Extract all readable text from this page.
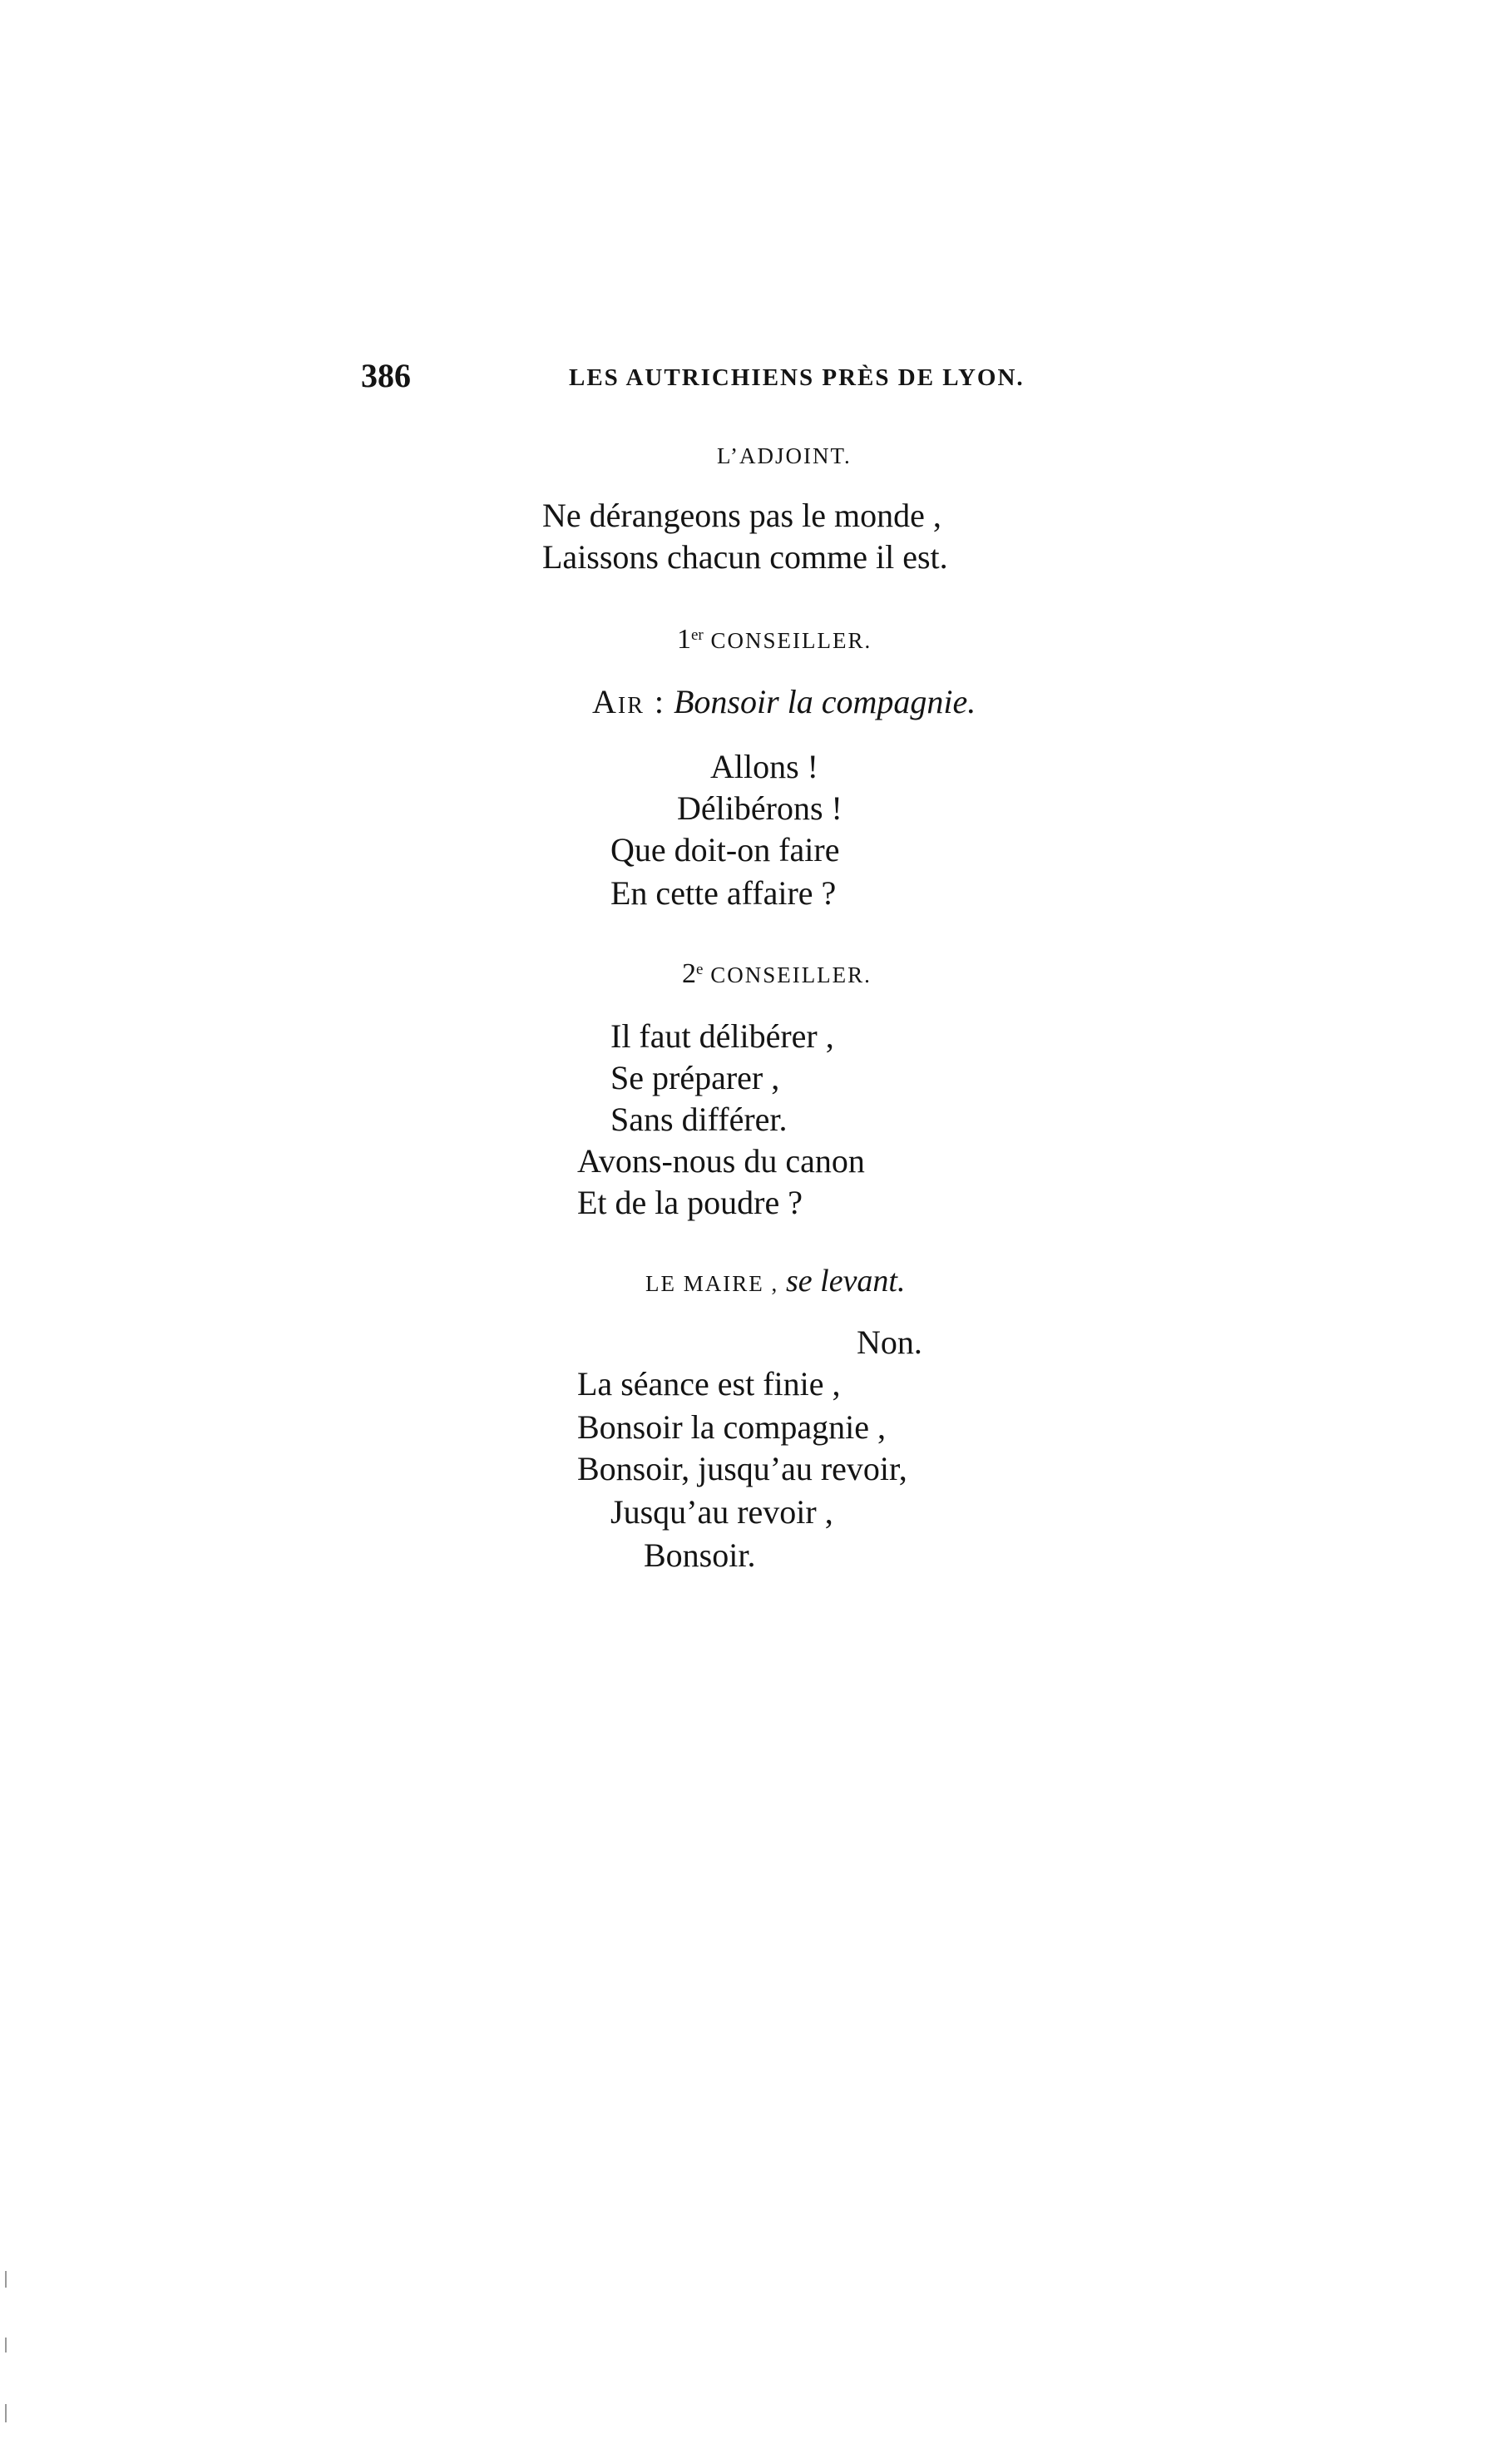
386	LES AUTRICHIENS PRÈS DE LYON.
L’ADJOINT.
Ne dérangeons pas le monde ,
Laissons chacun comme il est.
1er CONSEILLER.
Air : Bonsoir la compagnie.
Allons !
Délibérons !
Que doit-on faire
En cette affaire ?
2e CONSEILLER.
Il faut délibérer ,
Se préparer ,
Sans différer.
Avons-nous du canon
Et de la poudre ?
LE MAIRE , se levant.
Non.
La séance est finie ,
Bonsoir la compagnie ,
Bonsoir, jusqu’au revoir,
Jusqu’au revoir ,
Bonsoir.
